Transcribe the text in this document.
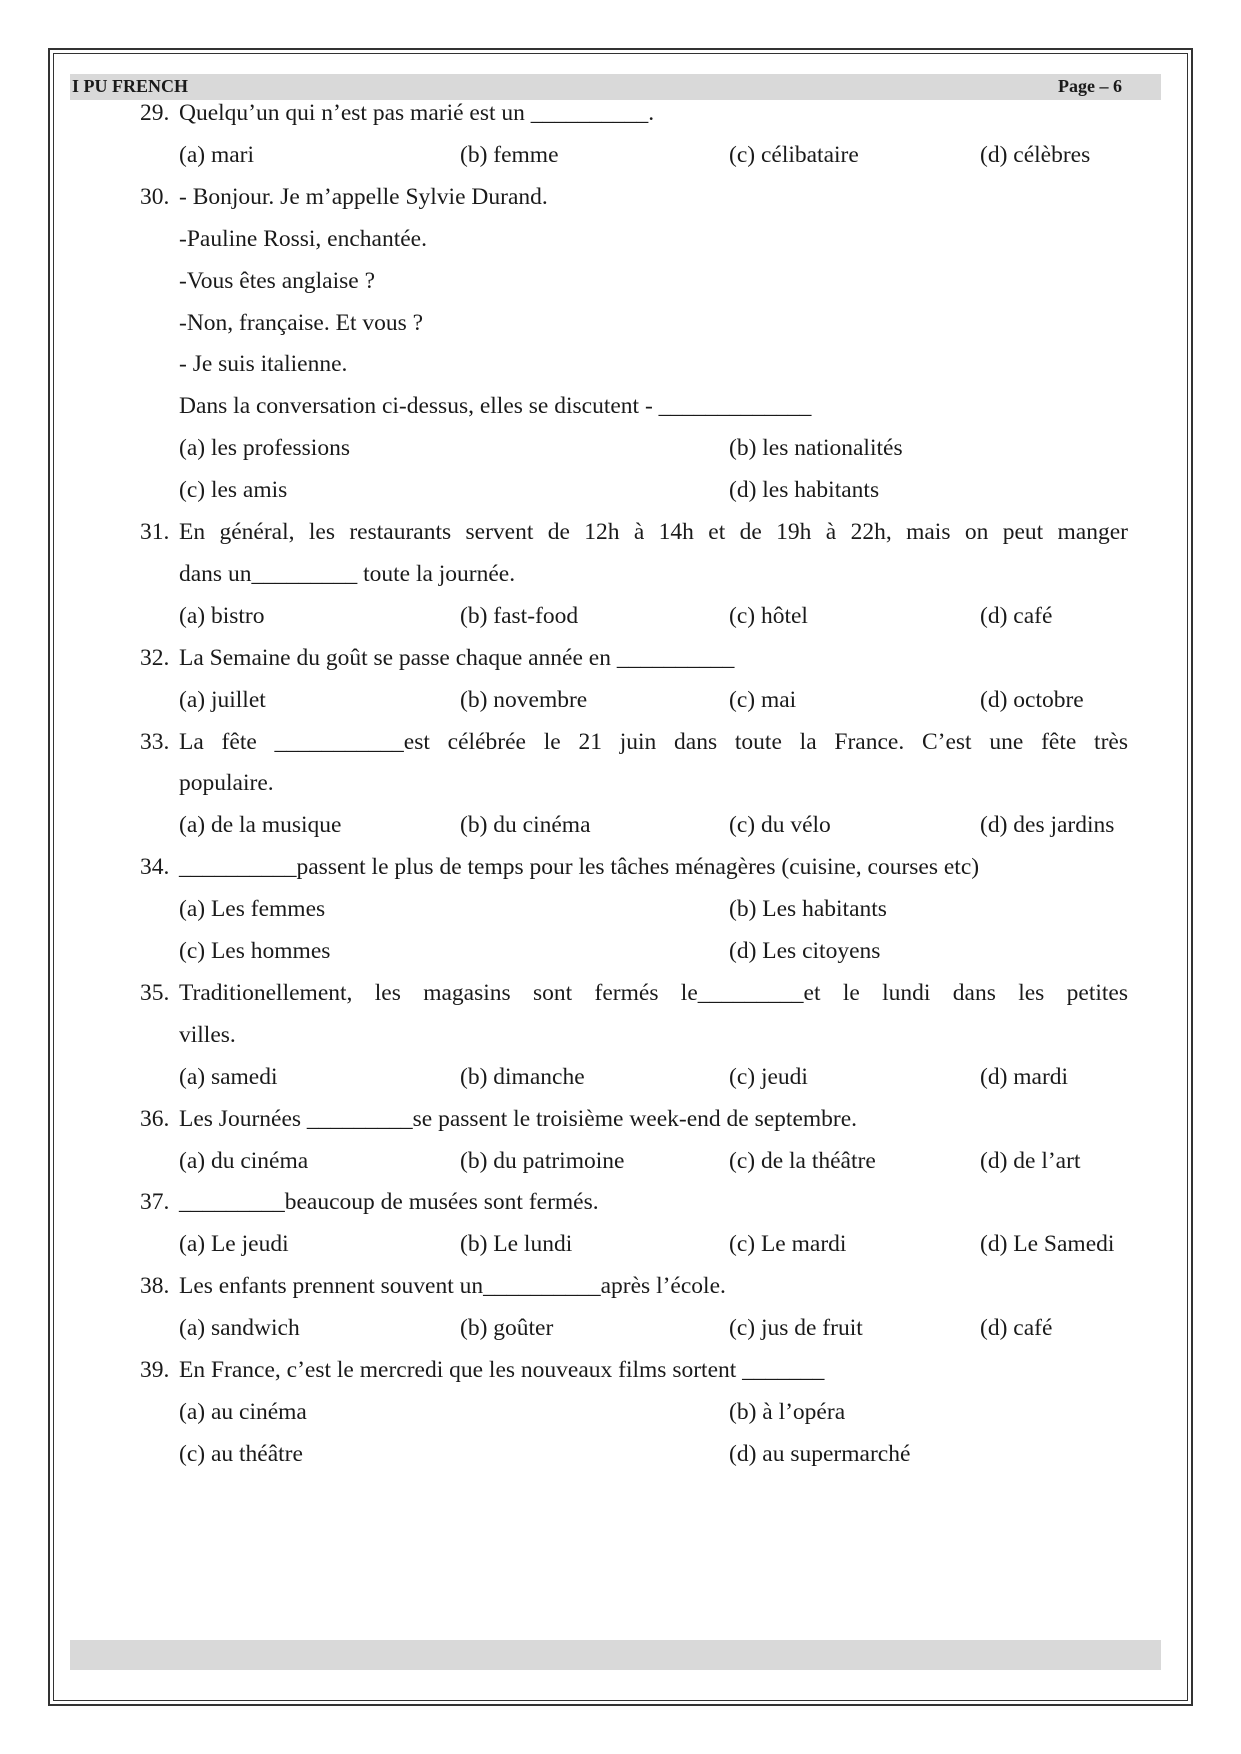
I PU FRENCH	Page – 6
29. Quelqu’un qui n’est pas marié est un __________.
(a) mari	(b) femme	(c) célibataire	(d) célèbres
30. - Bonjour. Je m’appelle Sylvie Durand.
-Pauline Rossi, enchantée.
-Vous êtes anglaise ?
-Non, française. Et vous ?
- Je suis italienne.
Dans la conversation ci-dessus, elles se discutent - _____________
(a) les professions	(b) les nationalités
(c) les amis	(d) les habitants
31. En général, les restaurants servent de 12h à 14h et de 19h à 22h, mais on peut manger
dans un_________ toute la journée.
(a) bistro	(b) fast-food	(c) hôtel	(d) café
32. La Semaine du goût se passe chaque année en __________
(a) juillet	(b) novembre	(c) mai	(d) octobre
33. La fête ___________est célébrée le 21 juin dans toute la France. C’est une fête très
populaire.
(a) de la musique	(b) du cinéma	(c) du vélo	(d) des jardins
34. __________passent le plus de temps pour les tâches ménagères (cuisine, courses etc)
(a) Les femmes	(b) Les habitants
(c) Les hommes	(d) Les citoyens
35. Traditionellement, les magasins sont fermés le_________et le lundi dans les petites
villes.
(a) samedi	(b) dimanche	(c) jeudi	(d) mardi
36. Les Journées _________se passent le troisième week-end de septembre.
(a) du cinéma	(b) du patrimoine	(c) de la théâtre	(d) de l’art
37. _________beaucoup de musées sont fermés.
(a) Le jeudi	(b) Le lundi	(c) Le mardi	(d) Le Samedi
38. Les enfants prennent souvent un__________après l’école.
(a) sandwich	(b) goûter	(c) jus de fruit	(d) café
39. En France, c’est le mercredi que les nouveaux films sortent _______
(a) au cinéma	(b) à l’opéra
(c) au théâtre	(d) au supermarché
